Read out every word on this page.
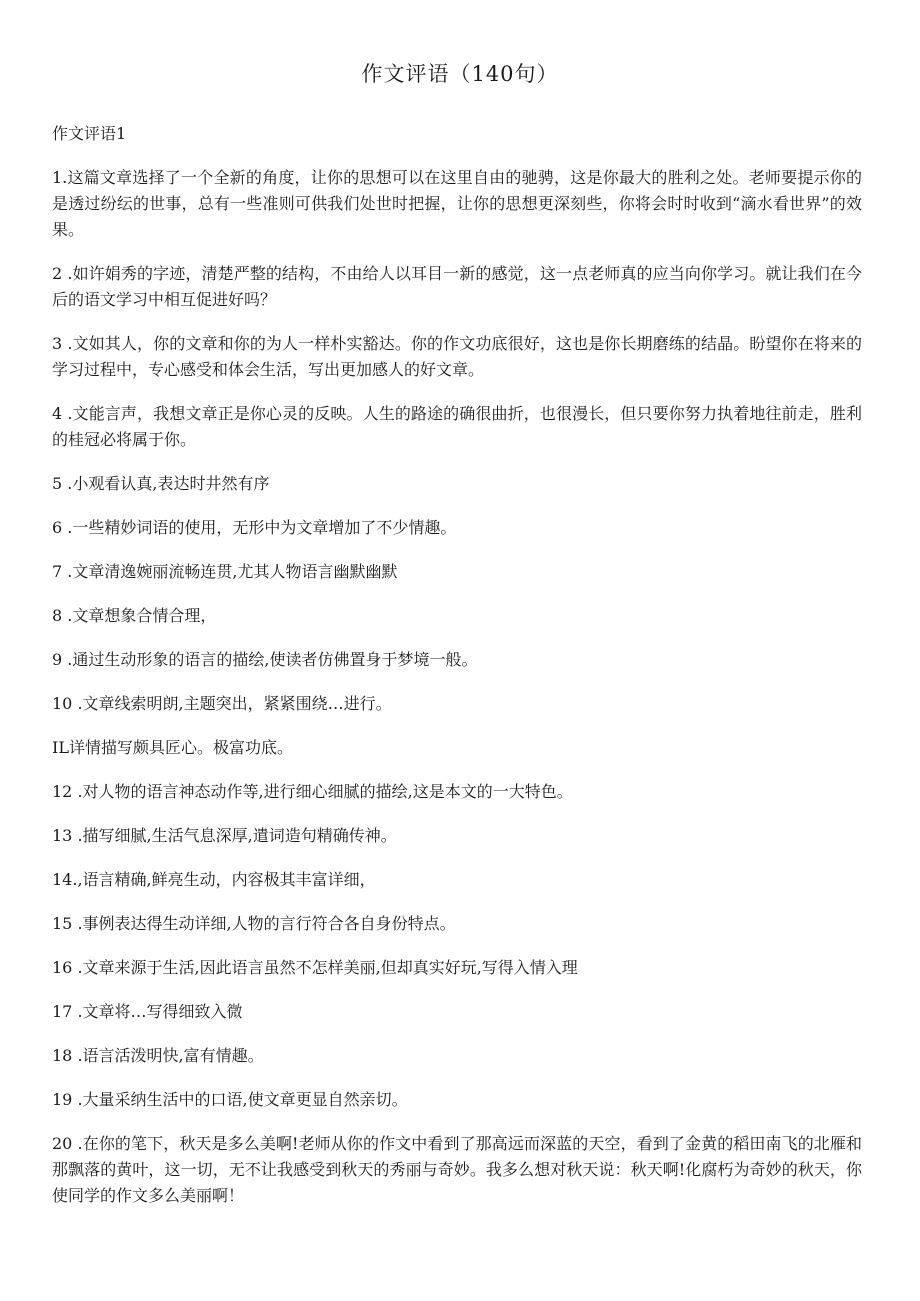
作文评语（140句）

作文评语1

1.这篇文章选择了一个全新的角度，让你的思想可以在这里自由的驰骋，这是你最大的胜利之处。老师要提示你的是透过纷纭的世事，总有一些准则可供我们处世时把握，让你的思想更深刻些，你将会时时收到“滴水看世界”的效果。

2 .如许娟秀的字迹，清楚严整的结构，不由给人以耳目一新的感觉，这一点老师真的应当向你学习。就让我们在今后的语文学习中相互促进好吗？

3 .文如其人，你的文章和你的为人一样朴实豁达。你的作文功底很好，这也是你长期磨练的结晶。盼望你在将来的学习过程中，专心感受和体会生活，写出更加感人的好文章。

4 .文能言声，我想文章正是你心灵的反映。人生的路途的确很曲折，也很漫长，但只要你努力执着地往前走，胜利的桂冠必将属于你。

5 .小观看认真,表达时井然有序

6 .一些精妙词语的使用，无形中为文章增加了不少情趣。

7 .文章清逸婉丽流畅连贯,尤其人物语言幽默幽默

8 .文章想象合情合理，

9 .通过生动形象的语言的描绘,使读者仿佛置身于梦境一般。

10 .文章线索明朗,主题突出，紧紧围绕…进行。

IL详情描写颇具匠心。极富功底。

12 .对人物的语言神态动作等,进行细心细腻的描绘,这是本文的一大特色。

13 .描写细腻,生活气息深厚,遣词造句精确传神。

14.,语言精确,鲜亮生动，内容极其丰富详细，

15 .事例表达得生动详细,人物的言行符合各自身份特点。

16 .文章来源于生活,因此语言虽然不怎样美丽,但却真实好玩,写得入情入理

17 .文章将…写得细致入微

18 .语言活泼明快,富有情趣。

19 .大量采纳生活中的口语,使文章更显自然亲切。

20 .在你的笔下，秋天是多么美啊!老师从你的作文中看到了那高远而深蓝的天空，看到了金黄的稻田南飞的北雁和那飘落的黄叶，这一切，无不让我感受到秋天的秀丽与奇妙。我多么想对秋天说：秋天啊!化腐朽为奇妙的秋天，你使同学的作文多么美丽啊！
